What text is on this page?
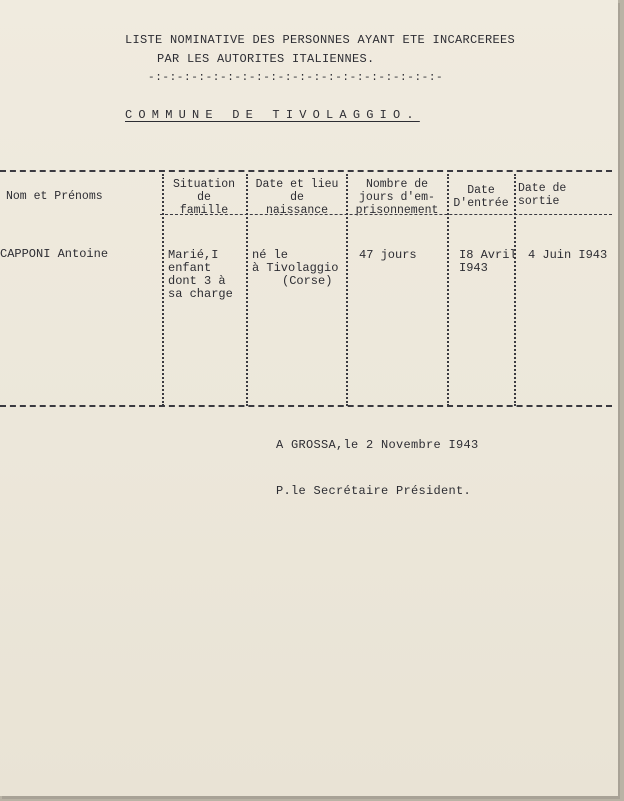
LISTE NOMINATIVE DES PERSONNES AYANT ETE INCARCEREES
PAR LES AUTORITES ITALIENNES.
-:-:-:-:-:-:-:-:-:-:-:-:-:-:-:-:-:-:-:-:-
COMMUNE DE TIVOLAGGIO.
Nom et Prénoms
Situation
de
famille
Date et lieu
de
naissance
Nombre de
jours d'em-
prisonnement
Date
D'entrée
Date de
sortie
CAPPONI Antoine	Marié,I
enfant
dont 3 à
sa charge
né le
à Tivolaggio
(Corse)
47 jours	I8 Avril
I943
4 Juin I943
A GROSSA,le 2 Novembre I943
P.le Secrétaire Président.
